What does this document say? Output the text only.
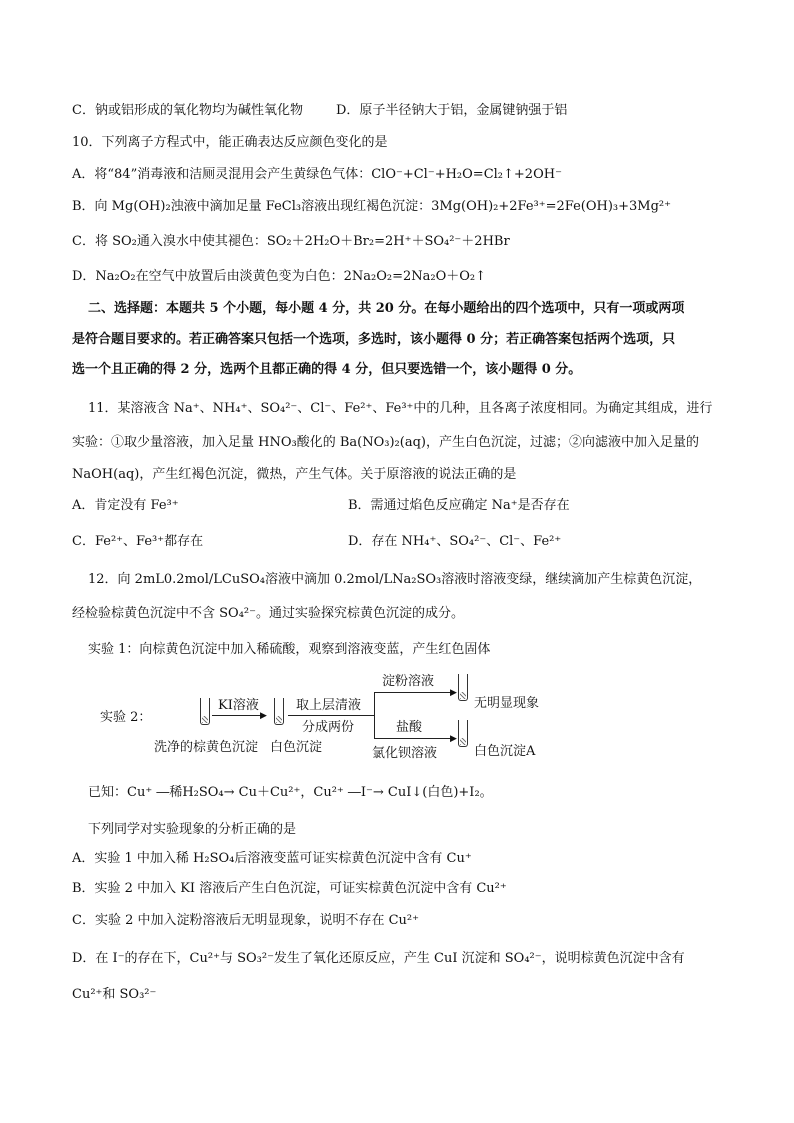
C．钠或铝形成的氧化物均为碱性氧化物	D．原子半径钠大于铝，金属键钠强于铝
10．下列离子方程式中，能正确表达反应颜色变化的是
A．将“84”消毒液和洁厕灵混用会产生黄绿色气体：ClO⁻+Cl⁻+H₂O=Cl₂↑+2OH⁻
B．向 Mg(OH)₂浊液中滴加足量 FeCl₃溶液出现红褐色沉淀：3Mg(OH)₂+2Fe³⁺=2Fe(OH)₃+3Mg²⁺
C．将 SO₂通入溴水中使其褪色：SO₂＋2H₂O＋Br₂=2H⁺＋SO₄²⁻＋2HBr
D．Na₂O₂在空气中放置后由淡黄色变为白色：2Na₂O₂=2Na₂O＋O₂↑
二、选择题：本题共 5 个小题，每小题 4 分，共 20 分。在每小题给出的四个选项中，只有一项或两项
是符合题目要求的。若正确答案只包括一个选项，多选时，该小题得 0 分；若正确答案包括两个选项，只
选一个且正确的得 2 分，选两个且都正确的得 4 分，但只要选错一个，该小题得 0 分。
11．某溶液含 Na⁺、NH₄⁺、SO₄²⁻、Cl⁻、Fe²⁺、Fe³⁺中的几种，且各离子浓度相同。为确定其组成，进行
实验：①取少量溶液，加入足量 HNO₃酸化的 Ba(NO₃)₂(aq)，产生白色沉淀，过滤；②向滤液中加入足量的
NaOH(aq)，产生红褐色沉淀，微热，产生气体。关于原溶液的说法正确的是
A．肯定没有 Fe³⁺	B．需通过焰色反应确定 Na⁺是否存在
C．Fe²⁺、Fe³⁺都存在	D．存在 NH₄⁺、SO₄²⁻、Cl⁻、Fe²⁺
12．向 2mL0.2mol/LCuSO₄溶液中滴加 0.2mol/LNa₂SO₃溶液时溶液变绿，继续滴加产生棕黄色沉淀，
经检验棕黄色沉淀中不含 SO₄²⁻。通过实验探究棕黄色沉淀的成分。
实验 1：向棕黄色沉淀中加入稀硫酸，观察到溶液变蓝，产生红色固体
实验 2：
KI溶液
▶
取上层清液
分成两份
▶
▶
淀粉溶液
盐酸
氯化钡溶液
无明显现象
白色沉淀A
洗净的棕黄色沉淀 白色沉淀
已知：Cu⁺ ―稀H₂SO₄→ Cu＋Cu²⁺，Cu²⁺ ―I⁻→ CuI↓(白色)+I₂。
下列同学对实验现象的分析正确的是
A．实验 1 中加入稀 H₂SO₄后溶液变蓝可证实棕黄色沉淀中含有 Cu⁺
B．实验 2 中加入 KI 溶液后产生白色沉淀，可证实棕黄色沉淀中含有 Cu²⁺
C．实验 2 中加入淀粉溶液后无明显现象，说明不存在 Cu²⁺
D．在 I⁻的存在下，Cu²⁺与 SO₃²⁻发生了氧化还原反应，产生 CuI 沉淀和 SO₄²⁻，说明棕黄色沉淀中含有
Cu²⁺和 SO₃²⁻
